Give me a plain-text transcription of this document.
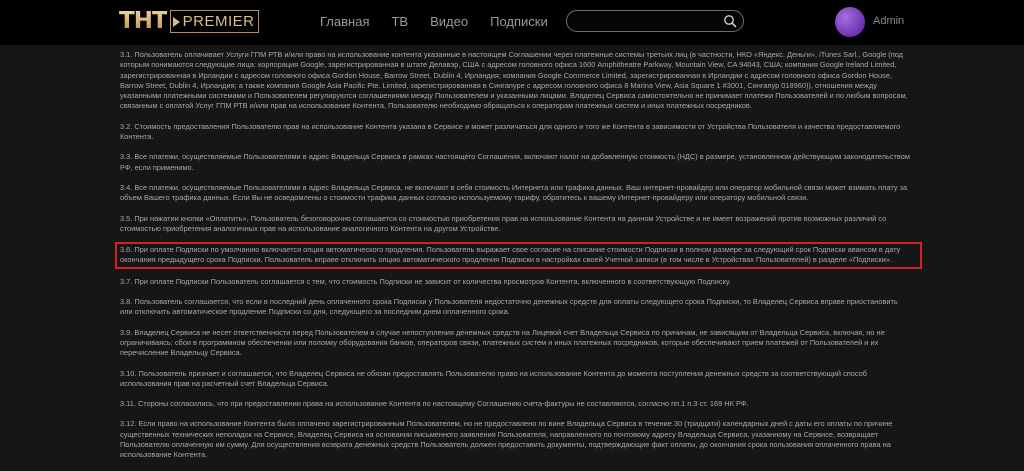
ТНТ PREMIER	Главная ТВ Видео Подписки	Admin

3.1. Пользователь оплачивает Услуги ГПМ РТВ и/или право на использование контента указанные в настоящем Соглашении через платежные системы третьих лиц (в частности, НКО «Яндекс. Деньги», iTunes Sarl., Google (под которым понимаются следующие лица: корпорация Google, зарегистрированная в штате Делавэр, США с адресом головного офиса 1600 Amphitheatre Parkway, Mountain View, CA 94043, США; компания Google Ireland Limited, зарегистрированная в Ирландии с адресом головного офиса Gordon House, Barrow Street, Dublin 4, Ирландия; компания Google Commerce Limited, зарегистрированная в Ирландии с адресом головного офиса Gordon House, Barrow Street, Dublin 4, Ирландия; а также компания Google Asia Pacific Pte. Limited, зарегистрированная в Сингапуре с адресом головного офиса 8 Marina View, Asia Square 1 #3001, Сингапур 018960)), отношения между указанными платежными системами и Пользователем регулируются соглашениями между Пользователем и указанными лицами. Владелец Сервиса самостоятельно не принимает платежи Пользователей и по любым вопросам, связанным с оплатой Услуг ГПМ РТВ и/или прав на использование Контента, Пользователю необходимо обращаться к операторам платежных систем и иных платежных посредников.

3.2. Стоимость предоставления Пользователю прав на использование Контента указана в Сервисе и может различаться для одного и того же Контента в зависимости от Устройства Пользователя и качества предоставляемого Контента.

3.3. Все платежи, осуществляемые Пользователями в адрес Владельца Сервиса в рамках настоящего Соглашения, включают налог на добавленную стоимость (НДС) в размере, установленном действующим законодательством РФ, если применимо.

3.4. Все платежи, осуществляемые Пользователями в адрес Владельца Сервиса, не включают в себя стоимость Интернета или трафика данных. Ваш интернет-провайдер или оператор мобильной связи может взимать плату за объем Вашего трафика данных. Если Вы не осведомлены о стоимости трафика данных согласно используемому тарифу, обратитесь к вашему Интернет-провайдеру или оператору мобильной связи.

3.5. При нажатии кнопки «Оплатить», Пользователь безоговорочно соглашается со стоимостью приобретения прав на использование Контента на данном Устройстве и не имеет возражений против возможных различий со стоимостью приобретения аналогичных прав на использование аналогичного Контента на другом Устройстве.

3.6. При оплате Подписки по умолчанию включается опция автоматического продления. Пользователь выражает свое согласие на списание стоимости Подписки в полном размере за следующий срок Подписки авансом в дату окончания предыдущего срока Подписки. Пользователь вправе отключить опцию автоматического продления Подписки в настройках своей Учетной записи (в том числе в Устройствах Пользователей) в разделе «Подписки».

3.7. При оплате Подписки Пользователь соглашается с тем, что стоимость Подписки не зависит от количества просмотров Контента, включенного в соответствующую Подписку.

3.8. Пользователь соглашается, что если в последний день оплаченного срока Подписки у Пользователя недостаточно денежных средств для оплаты следующего срока Подписки, то Владелец Сервиса вправе приостановить или отключить автоматическое продление Подписки со дня, следующего за последним днем оплаченного срока.

3.9. Владелец Сервиса не несет ответственности перед Пользователем в случае непоступления денежных средств на Лицевой счет Владельца Сервиса по причинам, не зависящим от Владельца Сервиса, включая, но не ограничиваясь: сбои в программном обеспечении или поломку оборудования банков, операторов связи, платежных систем и иных платежных посредников, которые обеспечивают прием платежей от Пользователей и их перечисление Владельцу Сервиса.

3.10. Пользователь признает и соглашается, что Владелец Сервиса не обязан предоставлять Пользователю право на использование Контента до момента поступления денежных средств за соответствующий способ использования прав на расчетный счет Владельца Сервиса.

3.11. Стороны согласились, что при предоставлении права на использование Контента по настоящему Соглашению счета-фактуры не составляются, согласно пп.1 п.3 ст. 169 НК РФ.

3.12. Если право на использование Контента было оплачено зарегистрированным Пользователем, но не предоставлено по вине Владельца Сервиса в течение 30 (тридцати) календарных дней с даты его оплаты по причине существенных технических неполадок на Сервисе, Владелец Сервиса на основании письменного заявления Пользователя, направленного по почтовому адресу Владельца Сервиса, указанному на Сервисе, возвращает Пользователю оплаченную им сумму. Для осуществления возврата денежных средств Пользователь должен предоставить документы, подтверждающие факт оплаты, до окончания срока пользования оплаченного права на использование Контента.
